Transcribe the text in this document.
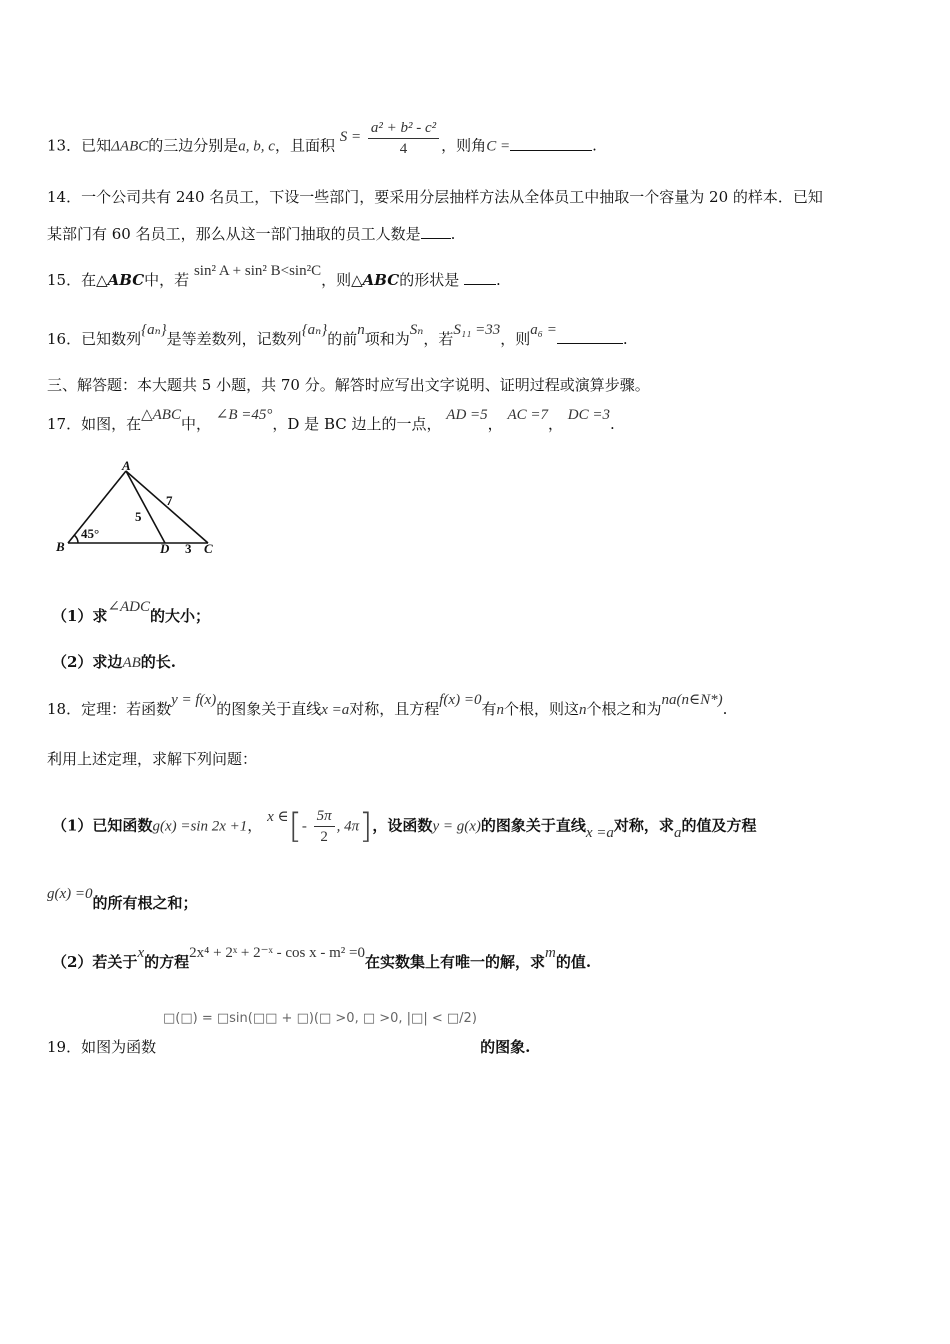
13．已知ΔABC的三边分别是a, b, c，且面积 $S = \frac{\text{a² + b² - c²}}{4}$ ，则角C =	.
14．一个公司共有 240 名员工，下设一些部门，要采用分层抽样方法从全体员工中抽取一个容量为 20 的样本．已知
某部门有 60 名员工，那么从这一部门抽取的员工人数是 .
15．在△ABC中，若 sin² A + sin² B<sin²C，则△ABC的形状是 .
16．已知数列{aₙ}是等差数列，记数列{aₙ}的前n项和为Sₙ，若S₁₁ =33，则a₆ =	.
三、解答题：本大题共 5 小题，共 70 分。解答时应写出文字说明、证明过程或演算步骤。
17．如图，在△ABC中， ∠B =45°，D 是 BC 边上的一点， AD =5， AC =7， DC =3.
A
B	C
D
5
7
3
45°
（1）求∠ADC的大小；
（2）求边AB的长.
18．定理：若函数y = f(x)的图象关于直线x =a对称，且方程f(x) =0有n个根，则这n个根之和为na(n∈N*).
利用上述定理，求解下列问题：
（1）已知函数g(x) =sin 2x +1， x ∈[- $\frac{5\pi}{2}$ , 4π]，设函数y = g(x)的图象关于直线x =a对称，求a的值及方程
g(x) =0的所有根之和；
（2）若关于x的方程2x⁴ + 2ˣ + 2⁻ˣ - cos x - m² =0在实数集上有唯一的解，求m的值.
□(□) = □sin(□□ + □)(□ >0, □ >0, |□| < □/2)
19．如图为函数	的图象.
